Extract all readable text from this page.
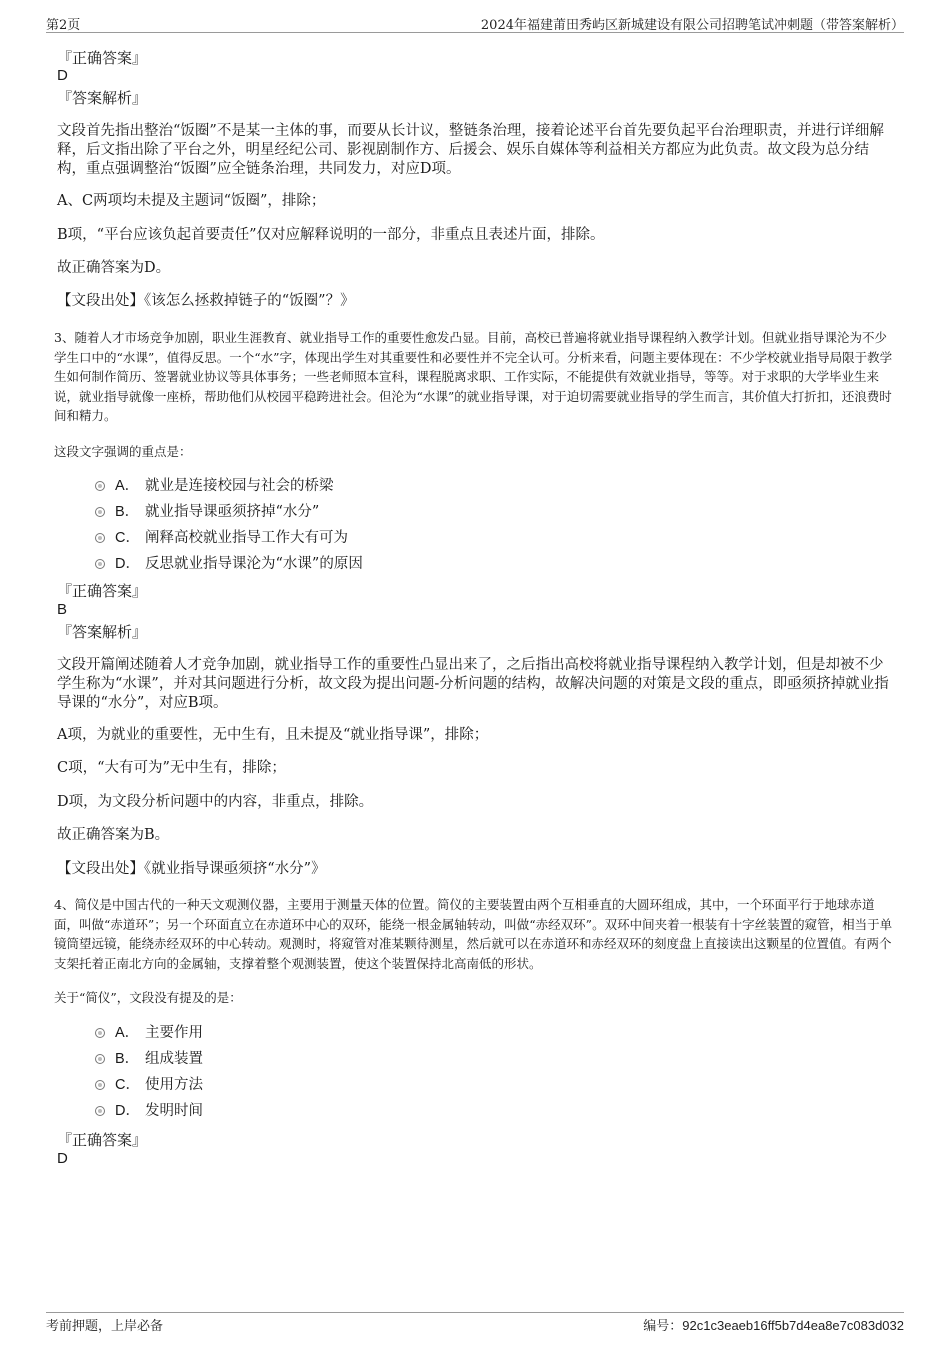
第2页	2024年福建莆田秀屿区新城建设有限公司招聘笔试冲刺题（带答案解析）
『正确答案』
D
『答案解析』
文段首先指出整治“饭圈”不是某一主体的事，而要从长计议，整链条治理，接着论述平台首先要负起平台治理职责，并进行详细解释，后文指出除了平台之外，明星经纪公司、影视剧制作方、后援会、娱乐自媒体等利益相关方都应为此负责。故文段为总分结构，重点强调整治“饭圈”应全链条治理，共同发力，对应D项。
A、C两项均未提及主题词“饭圈”，排除；
B项，“平台应该负起首要责任”仅对应解释说明的一部分，非重点且表述片面，排除。
故正确答案为D。
【文段出处】《该怎么拯救掉链子的“饭圈”？》
3、随着人才市场竞争加剧，职业生涯教育、就业指导工作的重要性愈发凸显。目前，高校已普遍将就业指导课程纳入教学计划。但就业指导课沦为不少学生口中的“水课”，值得反思。一个“水”字，体现出学生对其重要性和必要性并不完全认可。分析来看，问题主要体现在：不少学校就业指导局限于教学生如何制作简历、签署就业协议等具体事务；一些老师照本宣科，课程脱离求职、工作实际，不能提供有效就业指导，等等。对于求职的大学毕业生来说，就业指导就像一座桥，帮助他们从校园平稳跨进社会。但沦为“水课”的就业指导课，对于迫切需要就业指导的学生而言，其价值大打折扣，还浪费时间和精力。
这段文字强调的重点是：
A． 就业是连接校园与社会的桥梁
B． 就业指导课亟须挤掉“水分”
C． 阐释高校就业指导工作大有可为
D． 反思就业指导课沦为“水课”的原因
『正确答案』
B
『答案解析』
文段开篇阐述随着人才竞争加剧，就业指导工作的重要性凸显出来了，之后指出高校将就业指导课程纳入教学计划，但是却被不少学生称为“水课”，并对其问题进行分析，故文段为提出问题-分析问题的结构，故解决问题的对策是文段的重点，即亟须挤掉就业指导课的“水分”，对应B项。
A项，为就业的重要性，无中生有，且未提及“就业指导课”，排除；
C项，“大有可为”无中生有，排除；
D项，为文段分析问题中的内容，非重点，排除。
故正确答案为B。
【文段出处】《就业指导课亟须挤“水分”》
4、简仪是中国古代的一种天文观测仪器，主要用于测量天体的位置。简仪的主要装置由两个互相垂直的大圆环组成，其中，一个环面平行于地球赤道面，叫做“赤道环”；另一个环面直立在赤道环中心的双环，能绕一根金属轴转动，叫做“赤经双环”。双环中间夹着一根装有十字丝装置的窥管，相当于单镜筒望远镜，能绕赤经双环的中心转动。观测时，将窥管对准某颗待测星，然后就可以在赤道环和赤经双环的刻度盘上直接读出这颗星的位置值。有两个支架托着正南北方向的金属轴，支撑着整个观测装置，使这个装置保持北高南低的形状。
关于“简仪”，文段没有提及的是：
A． 主要作用
B． 组成装置
C． 使用方法
D． 发明时间
『正确答案』
D
考前押题，上岸必备	编号：92c1c3eaeb16ff5b7d4ea8e7c083d032
